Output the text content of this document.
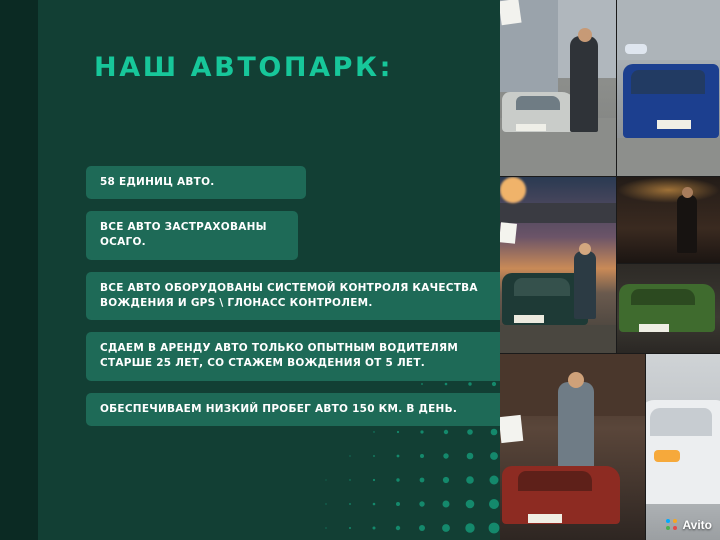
НАШ АВТОПАРК:
58 ЕДИНИЦ АВТО.
ВСЕ АВТО ЗАСТРАХОВАНЫ ОСАГО.
ВСЕ АВТО ОБОРУДОВАНЫ СИСТЕМОЙ КОНТРОЛЯ КАЧЕСТВА ВОЖДЕНИЯ И GPS \ ГЛОНАСС КОНТРОЛЕМ.
СДАЕМ В АРЕНДУ АВТО ТОЛЬКО ОПЫТНЫМ ВОДИТЕЛЯМ СТАРШЕ 25 ЛЕТ, СО СТАЖЕМ ВОЖДЕНИЯ ОТ 5 ЛЕТ.
ОБЕСПЕЧИВАЕМ НИЗКИЙ ПРОБЕГ АВТО 150 КМ. В ДЕНЬ.
Avito
